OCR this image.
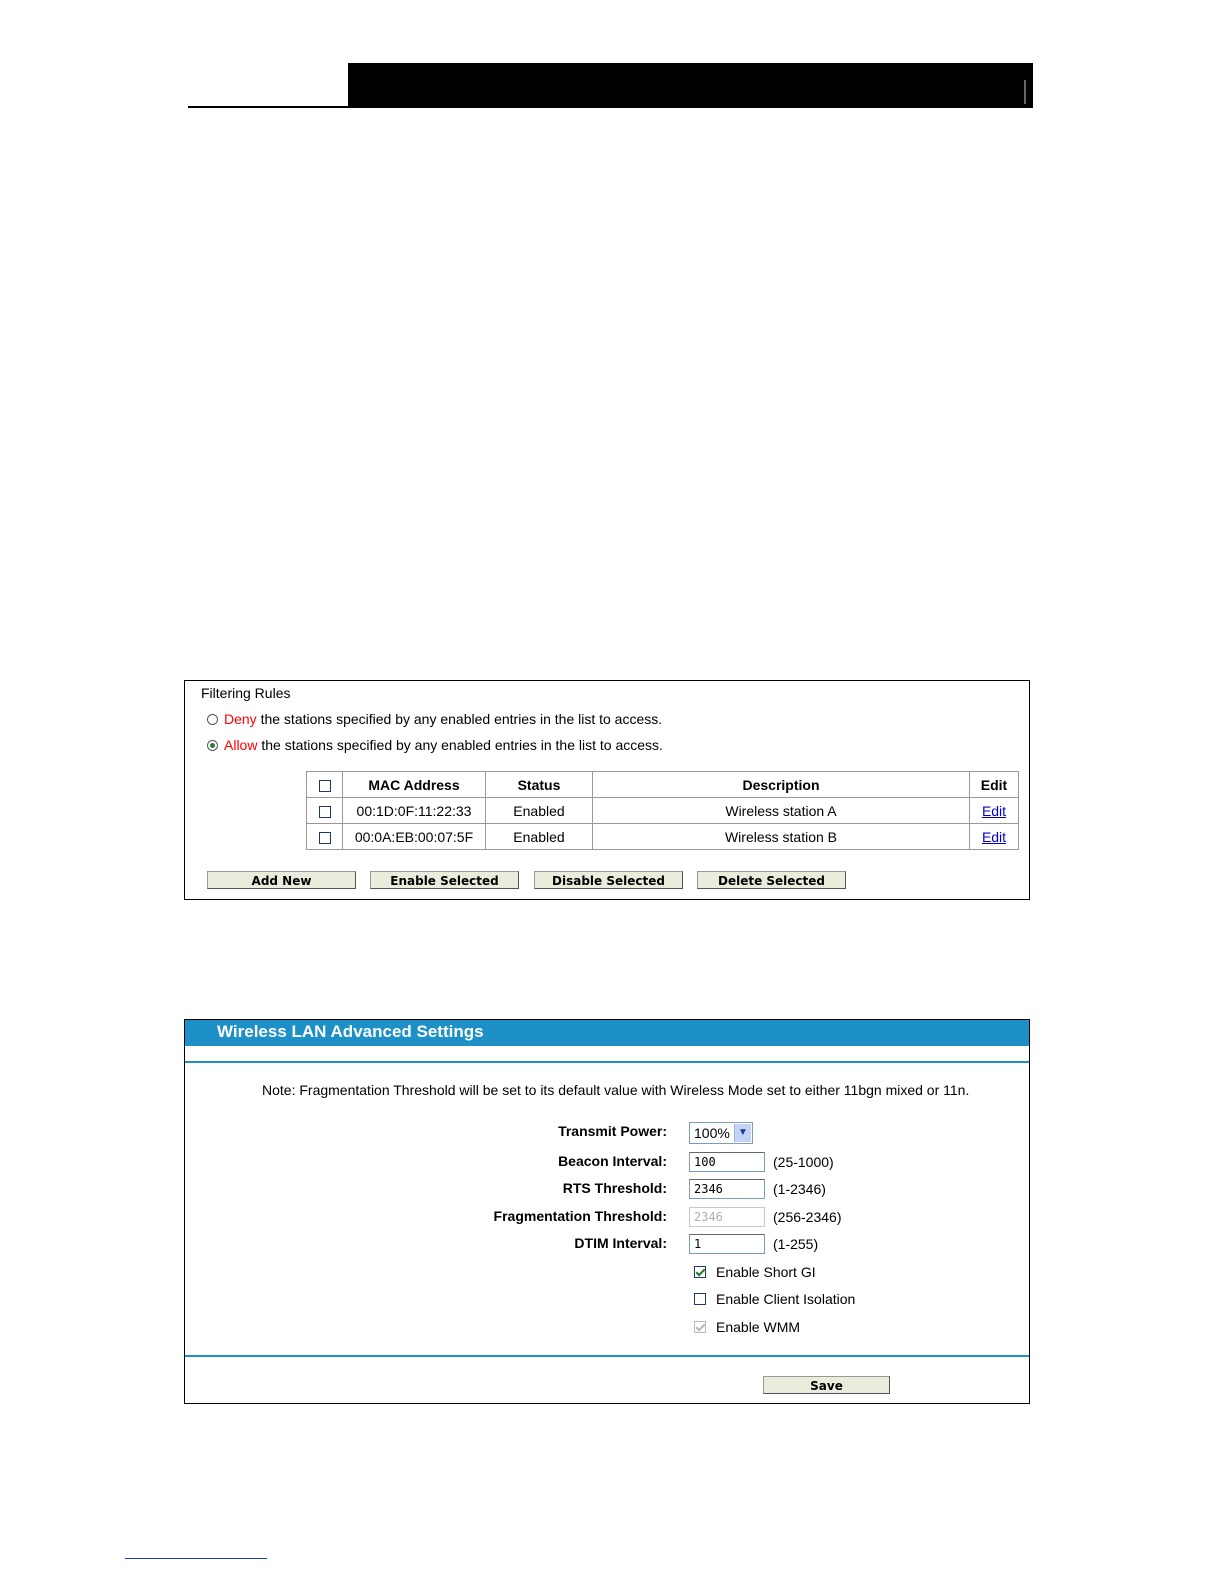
Filtering Rules
Deny the stations specified by any enabled entries in the list to access.
Allow the stations specified by any enabled entries in the list to access.
	MAC Address	Status	Description	Edit
	00:1D:0F:11:22:33	Enabled	Wireless station A	Edit
	00:0A:EB:00:07:5F	Enabled	Wireless station B	Edit
Add New	Enable Selected	Disable Selected	Delete Selected
Wireless LAN Advanced Settings
Note: Fragmentation Threshold will be set to its default value with Wireless Mode set to either 11bgn mixed or 11n.
Transmit Power:	100% ▼
Beacon Interval:	100	(25-1000)
RTS Threshold:	2346	(1-2346)
Fragmentation Threshold:	2346	(256-2346)
DTIM Interval:	1	(1-255)
Enable Short GI
Enable Client Isolation
Enable WMM
Save
